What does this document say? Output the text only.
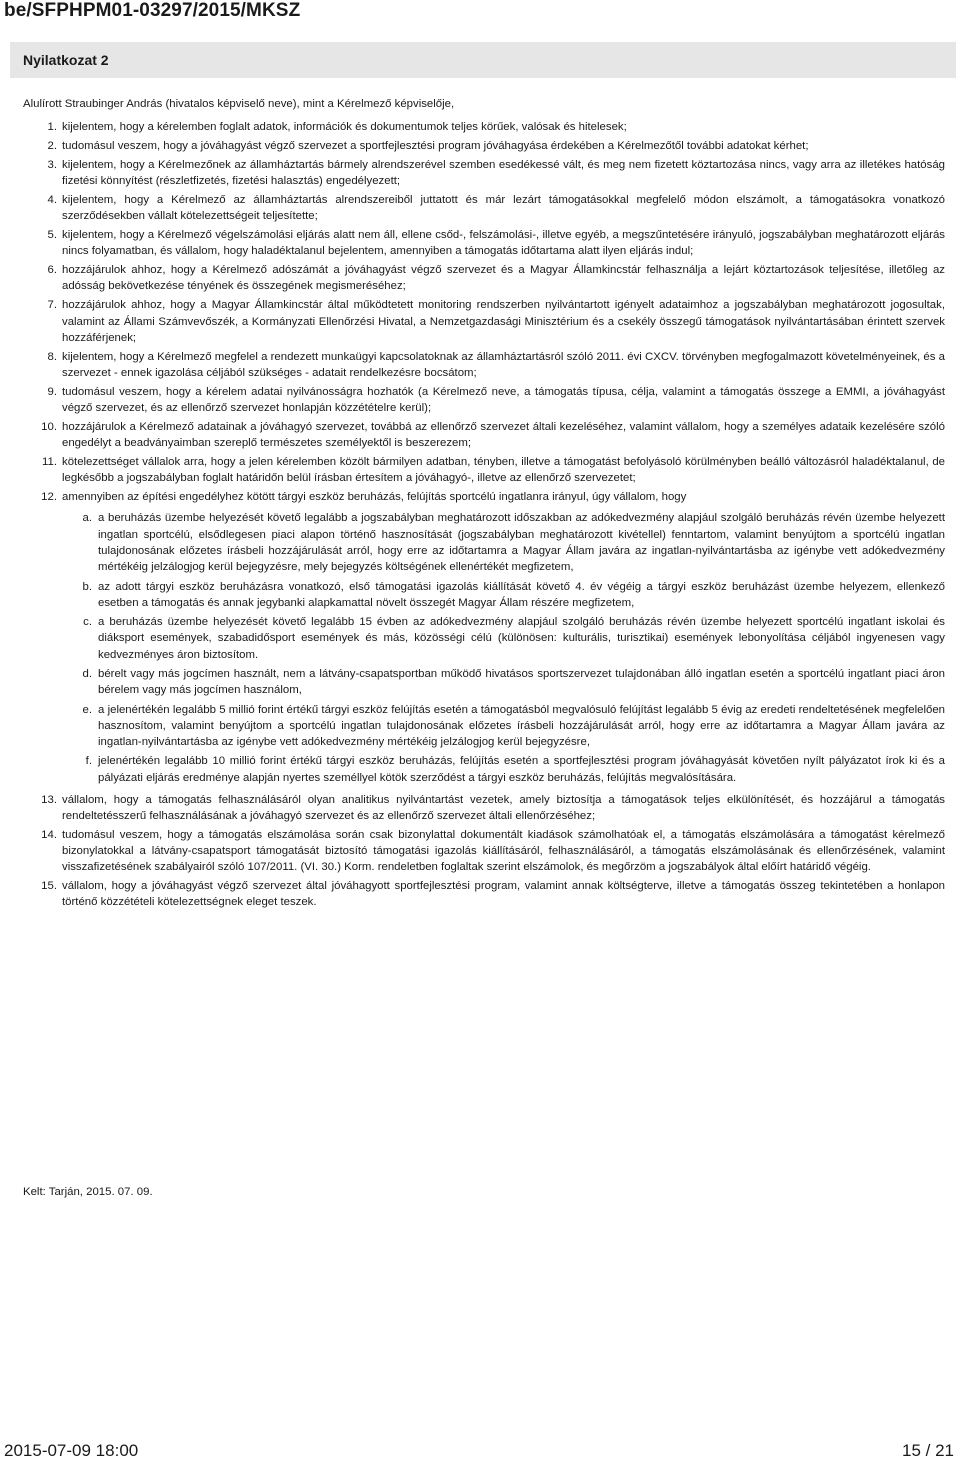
be/SFPHPM01-03297/2015/MKSZ
Nyilatkozat 2
Alulírott Straubinger András (hivatalos képviselő neve), mint a Kérelmező képviselője,
1. kijelentem, hogy a kérelemben foglalt adatok, információk és dokumentumok teljes körűek, valósak és hitelesek;
2. tudomásul veszem, hogy a jóváhagyást végző szervezet a sportfejlesztési program jóváhagyása érdekében a Kérelmezőtől további adatokat kérhet;
3. kijelentem, hogy a Kérelmezőnek az államháztartás bármely alrendszerével szemben esedékessé vált, és meg nem fizetett köztartozása nincs, vagy arra az illetékes hatóság fizetési könnyítést (részletfizetés, fizetési halasztás) engedélyezett;
4. kijelentem, hogy a Kérelmező az államháztartás alrendszereiből juttatott és már lezárt támogatásokkal megfelelő módon elszámolt, a támogatásokra vonatkozó szerződésekben vállalt kötelezettségeit teljesítette;
5. kijelentem, hogy a Kérelmező végelszámolási eljárás alatt nem áll, ellene csőd-, felszámolási-, illetve egyéb, a megszűntetésére irányuló, jogszabályban meghatározott eljárás nincs folyamatban, és vállalom, hogy haladéktalanul bejelentem, amennyiben a támogatás időtartama alatt ilyen eljárás indul;
6. hozzájárulok ahhoz, hogy a Kérelmező adószámát a jóváhagyást végző szervezet és a Magyar Államkincstár felhasználja a lejárt köztartozások teljesítése, illetőleg az adósság bekövetkezése tényének és összegének megismeréséhez;
7. hozzájárulok ahhoz, hogy a Magyar Államkincstár által működtetett monitoring rendszerben nyilvántartott igényelt adataimhoz a jogszabályban meghatározott jogosultak, valamint az Állami Számvevőszék, a Kormányzati Ellenőrzési Hivatal, a Nemzetgazdasági Minisztérium és a csekély összegű támogatások nyilvántartásában érintett szervek hozzáférjenek;
8. kijelentem, hogy a Kérelmező megfelel a rendezett munkaügyi kapcsolatoknak az államháztartásról szóló 2011. évi CXCV. törvényben megfogalmazott követelményeinek, és a szervezet - ennek igazolása céljából szükséges - adatait rendelkezésre bocsátom;
9. tudomásul veszem, hogy a kérelem adatai nyilvánosságra hozhatók (a Kérelmező neve, a támogatás típusa, célja, valamint a támogatás összege a EMMI, a jóváhagyást végző szervezet, és az ellenőrző szervezet honlapján közzétételre kerül);
10. hozzájárulok a Kérelmező adatainak a jóváhagyó szervezet, továbbá az ellenőrző szervezet általi kezeléséhez, valamint vállalom, hogy a személyes adataik kezelésére szóló engedélyt a beadványaimban szereplő természetes személyektől is beszerezem;
11. kötelezettséget vállalok arra, hogy a jelen kérelemben közölt bármilyen adatban, tényben, illetve a támogatást befolyásoló körülményben beálló változásról haladéktalanul, de legkésőbb a jogszabályban foglalt határidőn belül írásban értesítem a jóváhagyó-, illetve az ellenőrző szervezetet;
12. amennyiben az építési engedélyhez kötött tárgyi eszköz beruházás, felújítás sportcélú ingatlanra irányul, úgy vállalom, hogy
a. a beruházás üzembe helyezését követő legalább a jogszabályban meghatározott időszakban az adókedvezmény alapjául szolgáló beruházás révén üzembe helyezett ingatlan sportcélú, elsődlegesen piaci alapon történő hasznosítását (jogszabályban meghatározott kivétellel) fenntartom, valamint benyújtom a sportcélú ingatlan tulajdonosának előzetes írásbeli hozzájárulását arról, hogy erre az időtartamra a Magyar Állam javára az ingatlan-nyilvántartásba az igénybe vett adókedvezmény mértékéig jelzálogjog kerül bejegyzésre, mely bejegyzés költségének ellenértékét megfizetem,
b. az adott tárgyi eszköz beruházásra vonatkozó, első támogatási igazolás kiállítását követő 4. év végéig a tárgyi eszköz beruházást üzembe helyezem, ellenkező esetben a támogatás és annak jegybanki alapkamattal növelt összegét Magyar Állam részére megfizetem,
c. a beruházás üzembe helyezését követő legalább 15 évben az adókedvezmény alapjául szolgáló beruházás révén üzembe helyezett sportcélú ingatlant iskolai és diáksport események, szabadidősport események és más, közösségi célú (különösen: kulturális, turisztikai) események lebonyolítása céljából ingyenesen vagy kedvezményes áron biztosítom.
d. bérelt vagy más jogcímen használt, nem a látvány-csapatsportban működő hivatásos sportszervezet tulajdonában álló ingatlan esetén a sportcélú ingatlant piaci áron bérelem vagy más jogcímen használom,
e. a jelenértékén legalább 5 millió forint értékű tárgyi eszköz felújítás esetén a támogatásból megvalósuló felújítást legalább 5 évig az eredeti rendeltetésének megfelelően hasznosítom, valamint benyújtom a sportcélú ingatlan tulajdonosának előzetes írásbeli hozzájárulását arról, hogy erre az időtartamra a Magyar Állam javára az ingatlan-nyilvántartásba az igénybe vett adókedvezmény mértékéig jelzálogjog kerül bejegyzésre,
f. jelenértékén legalább 10 millió forint értékű tárgyi eszköz beruházás, felújítás esetén a sportfejlesztési program jóváhagyását követően nyílt pályázatot írok ki és a pályázati eljárás eredménye alapján nyertes személlyel kötök szerződést a tárgyi eszköz beruházás, felújítás megvalósítására.
13. vállalom, hogy a támogatás felhasználásáról olyan analitikus nyilvántartást vezetek, amely biztosítja a támogatások teljes elkülönítését, és hozzájárul a támogatás rendeltetésszerű felhasználásának a jóváhagyó szervezet és az ellenőrző szervezet általi ellenőrzéséhez;
14. tudomásul veszem, hogy a támogatás elszámolása során csak bizonylattal dokumentált kiadások számolhatóak el, a támogatás elszámolására a támogatást kérelmező bizonylatokkal a látvány-csapatsport támogatását biztosító támogatási igazolás kiállításáról, felhasználásáról, a támogatás elszámolásának és ellenőrzésének, valamint visszafizetésének szabályairól szóló 107/2011. (VI. 30.) Korm. rendeletben foglaltak szerint elszámolok, és megőrzöm a jogszabályok által előírt határidő végéig.
15. vállalom, hogy a jóváhagyást végző szervezet által jóváhagyott sportfejlesztési program, valamint annak költségterve, illetve a támogatás összeg tekintetében a honlapon történő közzétételi kötelezettségnek eleget teszek.
Kelt: Tarján, 2015. 07. 09.
2015-07-09 18:00	15 / 21
